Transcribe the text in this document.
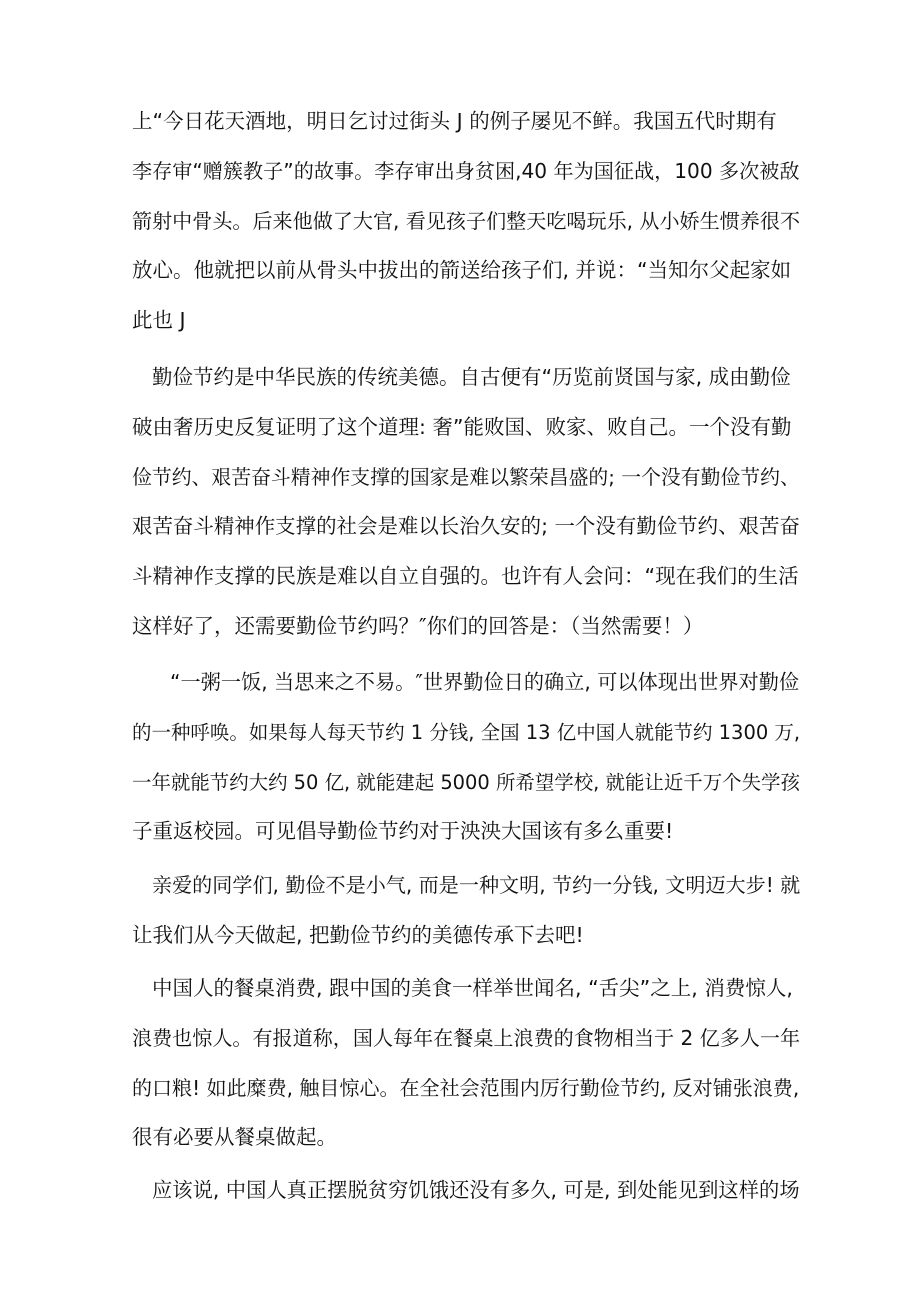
上“今日花天酒地，明日乞讨过街头 J 的例子屡见不鲜。我国五代时期有
李存审“赠簇教子”的故事。李存审出身贫困,40 年为国征战，100 多次被敌
箭射中骨头。后来他做了大官, 看见孩子们整天吃喝玩乐, 从小娇生惯养很不
放心。他就把以前从骨头中拔出的箭送给孩子们, 并说：“当知尔父起家如
此也 J
勤俭节约是中华民族的传统美德。自古便有“历览前贤国与家, 成由勤俭
破由奢历史反复证明了这个道理: 奢”能败国、败家、败自己。一个没有勤
俭节约、艰苦奋斗精神作支撑的国家是难以繁荣昌盛的; 一个没有勤俭节约、
艰苦奋斗精神作支撑的社会是难以长治久安的; 一个没有勤俭节约、艰苦奋
斗精神作支撑的民族是难以自立自强的。也许有人会问：“现在我们的生活
这样好了，还需要勤俭节约吗？″你们的回答是：（当然需要！）
“一粥一饭, 当思来之不易。″世界勤俭日的确立, 可以体现出世界对勤俭
的一种呼唤。如果每人每天节约 1 分钱, 全国 13 亿中国人就能节约 1300 万,
一年就能节约大约 50 亿, 就能建起 5000 所希望学校, 就能让近千万个失学孩
子重返校园。可见倡导勤俭节约对于泱泱大国该有多么重要!
亲爱的同学们, 勤俭不是小气, 而是一种文明, 节约一分钱, 文明迈大步! 就
让我们从今天做起, 把勤俭节约的美德传承下去吧!
中国人的餐桌消费, 跟中国的美食一样举世闻名, “舌尖”之上, 消费惊人,
浪费也惊人。有报道称，国人每年在餐桌上浪费的食物相当于 2 亿多人一年
的口粮! 如此糜费, 触目惊心。在全社会范围内厉行勤俭节约, 反对铺张浪费,
很有必要从餐桌做起。
应该说, 中国人真正摆脱贫穷饥饿还没有多久, 可是, 到处能见到这样的场
